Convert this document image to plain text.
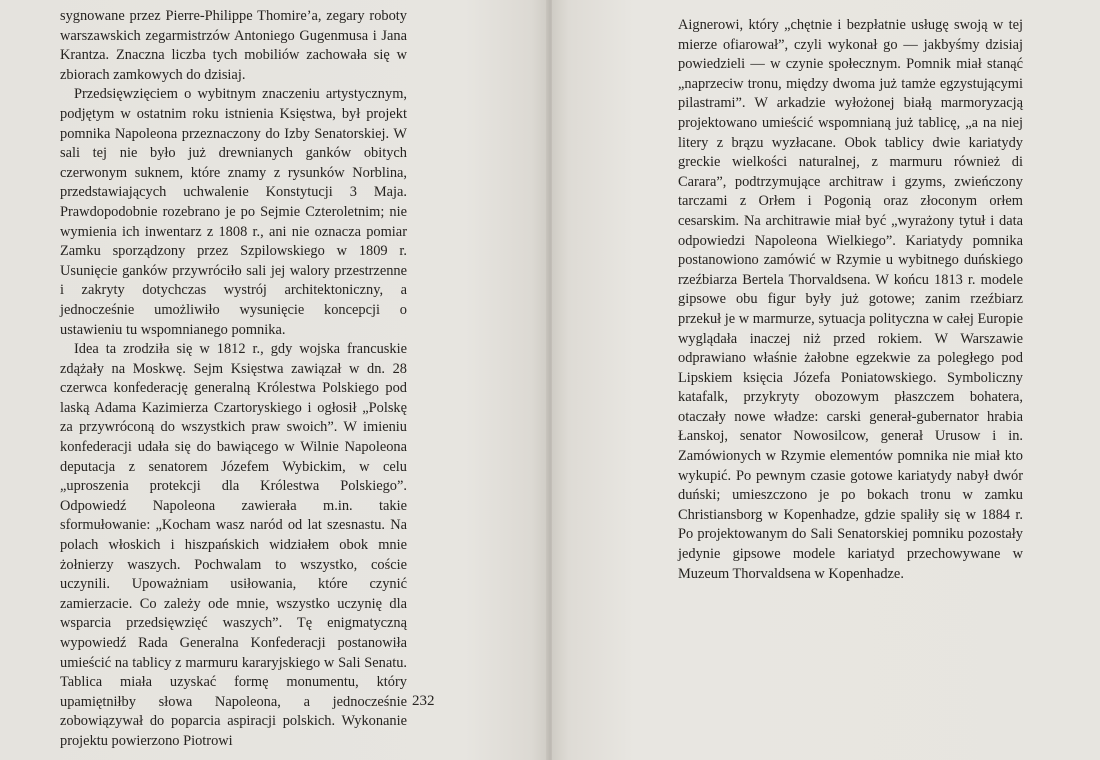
sygnowane przez Pierre-Philippe Thomire’a, zegary roboty warszawskich zegarmistrzów Antoniego Gugenmusa i Jana Krantza. Znaczna liczba tych mobiliów zachowała się w zbiorach zamkowych do dzisiaj.

Przedsięwzięciem o wybitnym znaczeniu artystycznym, podjętym w ostatnim roku istnienia Księstwa, był projekt pomnika Napoleona przeznaczony do Izby Senatorskiej. W sali tej nie było już drewnianych ganków obitych czerwonym suknem, które znamy z rysunków Norblina, przedstawiających uchwalenie Konstytucji 3 Maja. Prawdopodobnie rozebrano je po Sejmie Czteroletnim; nie wymienia ich inwentarz z 1808 r., ani nie oznacza pomiar Zamku sporządzony przez Szpilowskiego w 1809 r. Usunięcie ganków przywróciło sali jej walory przestrzenne i zakryty dotychczas wystrój architektoniczny, a jednocześnie umożliwiło wysunięcie koncepcji o ustawieniu tu wspomnianego pomnika.

Idea ta zrodziła się w 1812 r., gdy wojska francuskie zdążały na Moskwę. Sejm Księstwa zawiązał w dn. 28 czerwca konfederację generalną Królestwa Polskiego pod laską Adama Kazimierza Czartoryskiego i ogłosił „Polskę za przywróconą do wszystkich praw swoich”. W imieniu konfederacji udała się do bawiącego w Wilnie Napoleona deputacja z senatorem Józefem Wybickim, w celu „uproszenia protekcji dla Królestwa Polskiego”. Odpowiedź Napoleona zawierała m.in. takie sformułowanie: „Kocham wasz naród od lat szesnastu. Na polach włoskich i hiszpańskich widziałem obok mnie żołnierzy waszych. Pochwalam to wszystko, coście uczynili. Upoważniam usiłowania, które czynić zamierzacie. Co zależy ode mnie, wszystko uczynię dla wsparcia przedsięwzięć waszych”. Tę enigmatyczną wypowiedź Rada Generalna Konfederacji postanowiła umieścić na tablicy z marmuru kararyjskiego w Sali Senatu. Tablica miała uzyskać formę monumentu, który upamiętniłby słowa Napoleona, a jednocześnie zobowiązywał do poparcia aspiracji polskich. Wykonanie projektu powierzono Piotrowi

232

Aignerowi, który „chętnie i bezpłatnie usługę swoją w tej mierze ofiarował”, czyli wykonał go — jakbyśmy dzisiaj powiedzieli — w czynie społecznym. Pomnik miał stanąć „naprzeciw tronu, między dwoma już tamże egzystującymi pilastrami”. W arkadzie wyłożonej białą marmoryzacją projektowano umieścić wspomnianą już tablicę, „a na niej litery z brązu wyzłacane. Obok tablicy dwie kariatydy greckie wielkości naturalnej, z marmuru również di Carara”, podtrzymujące architraw i gzyms, zwieńczony tarczami z Orłem i Pogonią oraz złoconym orłem cesarskim. Na architrawie miał być „wyrażony tytuł i data odpowiedzi Napoleona Wielkiego”. Kariatydy pomnika postanowiono zamówić w Rzymie u wybitnego duńskiego rzeźbiarza Bertela Thorvaldsena. W końcu 1813 r. modele gipsowe obu figur były już gotowe; zanim rzeźbiarz przekuł je w marmurze, sytuacja polityczna w całej Europie wyglądała inaczej niż przed rokiem. W Warszawie odprawiano właśnie żałobne egzekwie za poległego pod Lipskiem księcia Józefa Poniatowskiego. Symboliczny katafalk, przykryty obozowym płaszczem bohatera, otaczały nowe władze: carski generał-gubernator hrabia Łanskoj, senator Nowosilcow, generał Urusow i in. Zamówionych w Rzymie elementów pomnika nie miał kto wykupić. Po pewnym czasie gotowe kariatydy nabył dwór duński; umieszczono je po bokach tronu w zamku Christiansborg w Kopenhadze, gdzie spaliły się w 1884 r. Po projektowanym do Sali Senatorskiej pomniku pozostały jedynie gipsowe modele kariatyd przechowywane w Muzeum Thorvaldsena w Kopenhadze.
